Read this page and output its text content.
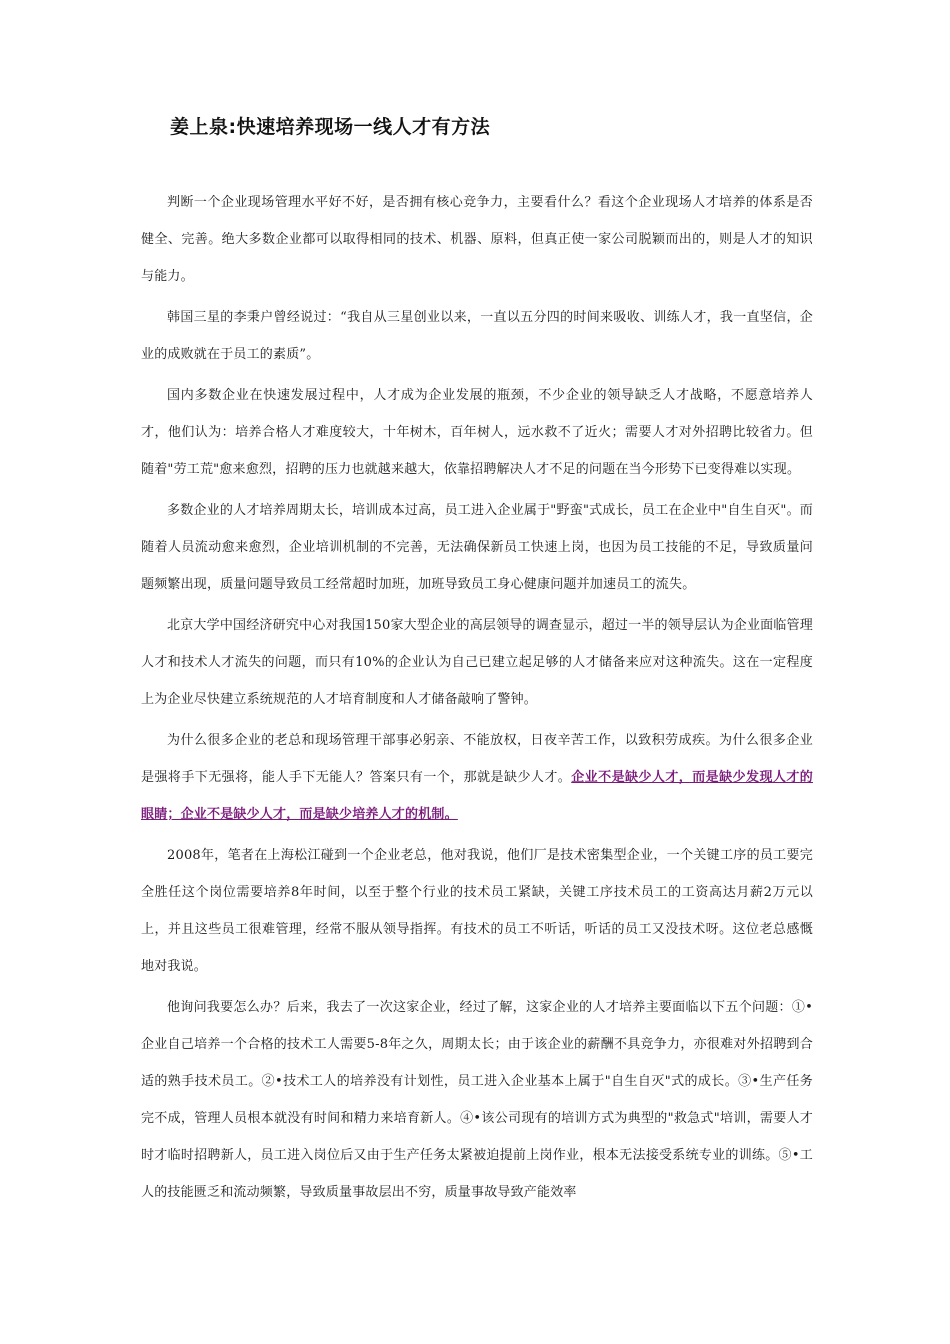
姜上泉:快速培养现场一线人才有方法

判断一个企业现场管理水平好不好，是否拥有核心竞争力，主要看什么？看这个企业现场人才培养的体系是否健全、完善。绝大多数企业都可以取得相同的技术、机器、原料，但真正使一家公司脱颖而出的，则是人才的知识与能力。

韩国三星的李秉户曾经说过：“我自从三星创业以来，一直以五分四的时间来吸收、训练人才，我一直坚信，企业的成败就在于员工的素质”。

国内多数企业在快速发展过程中，人才成为企业发展的瓶颈，不少企业的领导缺乏人才战略，不愿意培养人才，他们认为：培养合格人才难度较大，十年树木，百年树人，远水救不了近火；需要人才对外招聘比较省力。但随着"劳工荒"愈来愈烈，招聘的压力也就越来越大，依靠招聘解决人才不足的问题在当今形势下已变得难以实现。

多数企业的人才培养周期太长，培训成本过高，员工进入企业属于"野蛮"式成长，员工在企业中"自生自灭"。而随着人员流动愈来愈烈，企业培训机制的不完善，无法确保新员工快速上岗，也因为员工技能的不足，导致质量问题频繁出现，质量问题导致员工经常超时加班，加班导致员工身心健康问题并加速员工的流失。

北京大学中国经济研究中心对我国150家大型企业的高层领导的调查显示，超过一半的领导层认为企业面临管理人才和技术人才流失的问题，而只有10%的企业认为自己已建立起足够的人才储备来应对这种流失。这在一定程度上为企业尽快建立系统规范的人才培育制度和人才储备敲响了警钟。

为什么很多企业的老总和现场管理干部事必躬亲、不能放权，日夜辛苦工作，以致积劳成疾。为什么很多企业是强将手下无强将，能人手下无能人？答案只有一个，那就是缺少人才。企业不是缺少人才，而是缺少发现人才的眼睛；企业不是缺少人才，而是缺少培养人才的机制。

2008年，笔者在上海松江碰到一个企业老总，他对我说，他们厂是技术密集型企业，一个关键工序的员工要完全胜任这个岗位需要培养8年时间，以至于整个行业的技术员工紧缺，关键工序技术员工的工资高达月薪2万元以上，并且这些员工很难管理，经常不服从领导指挥。有技术的员工不听话，听话的员工又没技术呀。这位老总感慨地对我说。

他询问我要怎么办？后来，我去了一次这家企业，经过了解，这家企业的人才培养主要面临以下五个问题：①•企业自己培养一个合格的技术工人需要5-8年之久，周期太长；由于该企业的薪酬不具竞争力，亦很难对外招聘到合适的熟手技术员工。②•技术工人的培养没有计划性，员工进入企业基本上属于"自生自灭"式的成长。③•生产任务完不成，管理人员根本就没有时间和精力来培育新人。④•该公司现有的培训方式为典型的"救急式"培训，需要人才时才临时招聘新人，员工进入岗位后又由于生产任务太紧被迫提前上岗作业，根本无法接受系统专业的训练。⑤•工人的技能匮乏和流动频繁，导致质量事故层出不穷，质量事故导致产能效率
